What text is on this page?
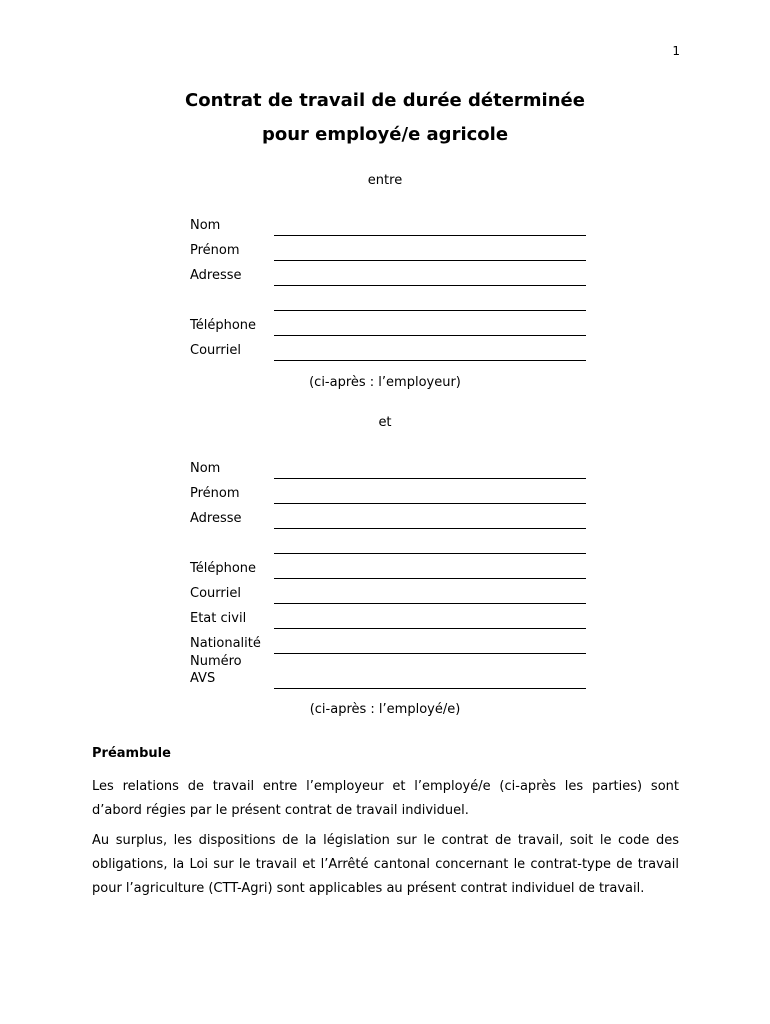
1
Contrat de travail de durée déterminée
pour employé/e agricole
entre
Nom
Prénom
Adresse
Téléphone
Courriel
(ci-après : l’employeur)
et
Nom
Prénom
Adresse
Téléphone
Courriel
Etat civil
Nationalité
Numéro AVS
(ci-après : l’employé/e)
Préambule
Les relations de travail entre l’employeur et l’employé/e (ci-après les parties) sont d’abord régies par le présent contrat de travail individuel.
Au surplus, les dispositions de la législation sur le contrat de travail, soit le code des obligations, la Loi sur le travail et l’Arrêté cantonal concernant le contrat-type de travail pour l’agriculture (CTT-Agri) sont applicables au présent contrat individuel de travail.
